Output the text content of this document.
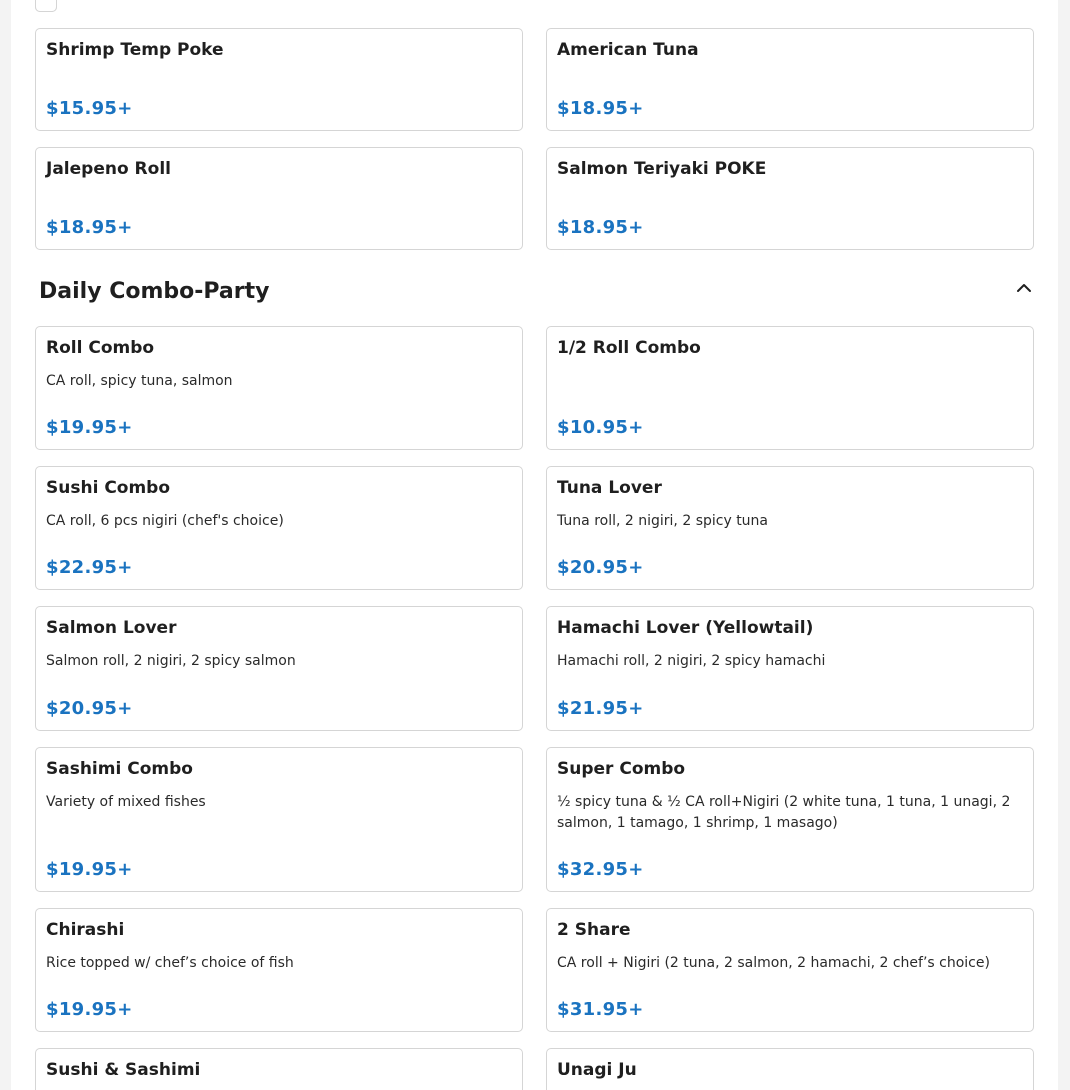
Shrimp Temp Poke
$15.95+
American Tuna
$18.95+
Jalepeno Roll
$18.95+
Salmon Teriyaki POKE
$18.95+
Daily Combo-Party
Roll Combo
CA roll, spicy tuna, salmon
$19.95+
1/2 Roll Combo
$10.95+
Sushi Combo
CA roll, 6 pcs nigiri (chef's choice)
$22.95+
Tuna Lover
Tuna roll, 2 nigiri, 2 spicy tuna
$20.95+
Salmon Lover
Salmon roll, 2 nigiri, 2 spicy salmon
$20.95+
Hamachi Lover (Yellowtail)
Hamachi roll, 2 nigiri, 2 spicy hamachi
$21.95+
Sashimi Combo
Variety of mixed fishes
$19.95+
Super Combo
½ spicy tuna & ½ CA roll+Nigiri (2 white tuna, 1 tuna, 1 unagi, 2 salmon, 1 tamago, 1 shrimp, 1 masago)
$32.95+
Chirashi
Rice topped w/ chef’s choice of fish
$19.95+
2 Share
CA roll + Nigiri (2 tuna, 2 salmon, 2 hamachi, 2 chef’s choice)
$31.95+
Sushi & Sashimi	Unagi Ju
